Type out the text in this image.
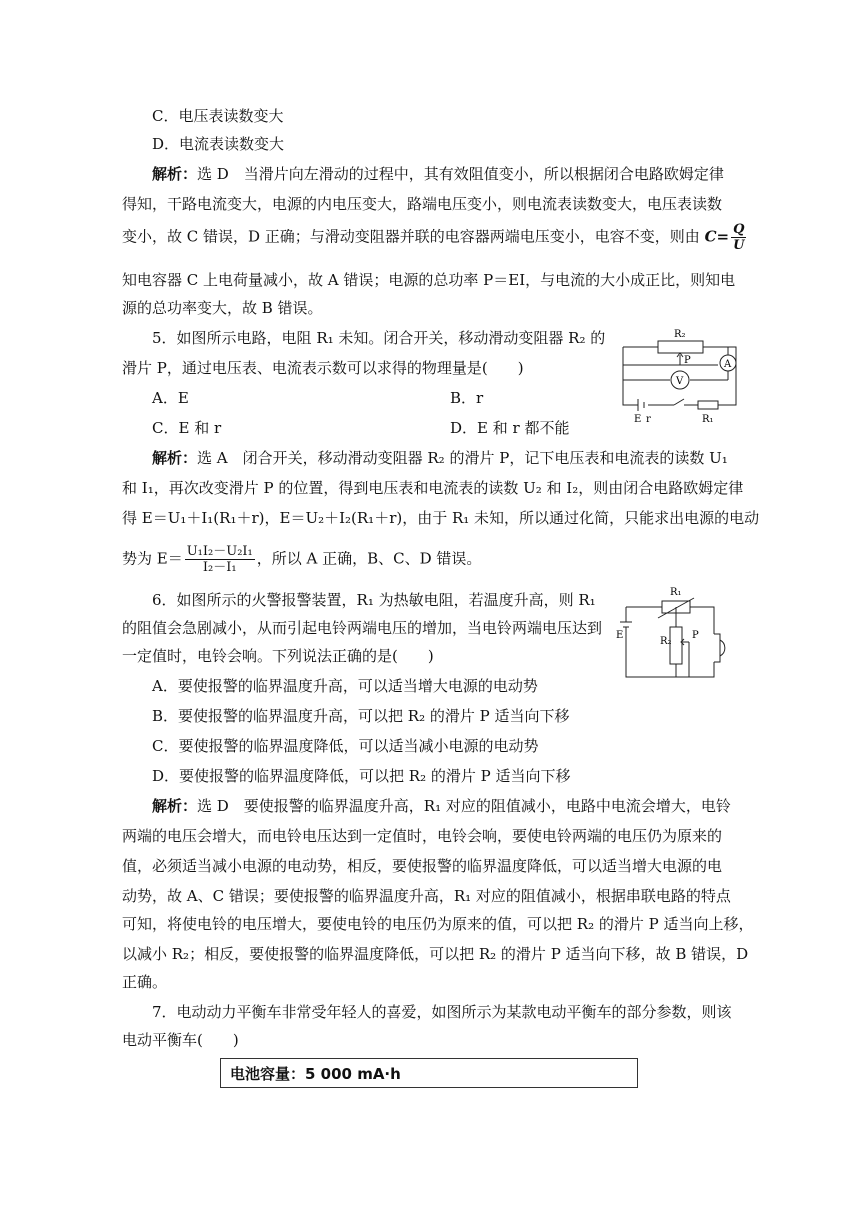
C．电压表读数变大
D．电流表读数变大
解析：选 D　当滑片向左滑动的过程中，其有效阻值变小，所以根据闭合电路欧姆定律
得知，干路电流变大，电源的内电压变大，路端电压变小，则电流表读数变大，电压表读数
变小，故 C 错误，D 正确；与滑动变阻器并联的电容器两端电压变小，电容不变，则由 $C= \frac{Q}{U}$
知电容器 C 上电荷量减小，故 A 错误；电源的总功率 P＝EI，与电流的大小成正比，则知电
源的总功率变大，故 B 错误。
5．如图所示电路，电阻 R₁ 未知。闭合开关，移动滑动变阻器 R₂ 的
滑片 P，通过电压表、电流表示数可以求得的物理量是(　　)
A．E	B．r
C．E 和 r	D．E 和 r 都不能
R₂
P	A
V
E r	R₁
解析：选 A　闭合开关，移动滑动变阻器 R₂ 的滑片 P，记下电压表和电流表的读数 U₁
和 I₁，再次改变滑片 P 的位置，得到电压表和电流表的读数 U₂ 和 I₂，则由闭合电路欧姆定律
得 E＝U₁＋I₁(R₁＋r)，E＝U₂＋I₂(R₁＋r)，由于 R₁ 未知，所以通过化简，只能求出电源的电动
势为 $E= \frac{\text{U₁I₂－U₂I₁}}{\text{I₂－I₁}}$ ，所以 A 正确，B、C、D 错误。
6．如图所示的火警报警装置，R₁ 为热敏电阻，若温度升高，则 R₁
的阻值会急剧减小，从而引起电铃两端电压的增加，当电铃两端电压达到
一定值时，电铃会响。下列说法正确的是(　　)
R₁
R₂
P
E
A．要使报警的临界温度升高，可以适当增大电源的电动势
B．要使报警的临界温度升高，可以把 R₂ 的滑片 P 适当向下移
C．要使报警的临界温度降低，可以适当减小电源的电动势
D．要使报警的临界温度降低，可以把 R₂ 的滑片 P 适当向下移
解析：选 D　要使报警的临界温度升高，R₁ 对应的阻值减小，电路中电流会增大，电铃
两端的电压会增大，而电铃电压达到一定值时，电铃会响，要使电铃两端的电压仍为原来的
值，必须适当减小电源的电动势，相反，要使报警的临界温度降低，可以适当增大电源的电
动势，故 A、C 错误；要使报警的临界温度升高，R₁ 对应的阻值减小，根据串联电路的特点
可知，将使电铃的电压增大，要使电铃的电压仍为原来的值，可以把 R₂ 的滑片 P 适当向上移，
以减小 R₂；相反，要使报警的临界温度降低，可以把 R₂ 的滑片 P 适当向下移，故 B 错误，D
正确。
7．电动动力平衡车非常受年轻人的喜爱，如图所示为某款电动平衡车的部分参数，则该
电动平衡车(　　)
电池容量：5 000 mA·h
